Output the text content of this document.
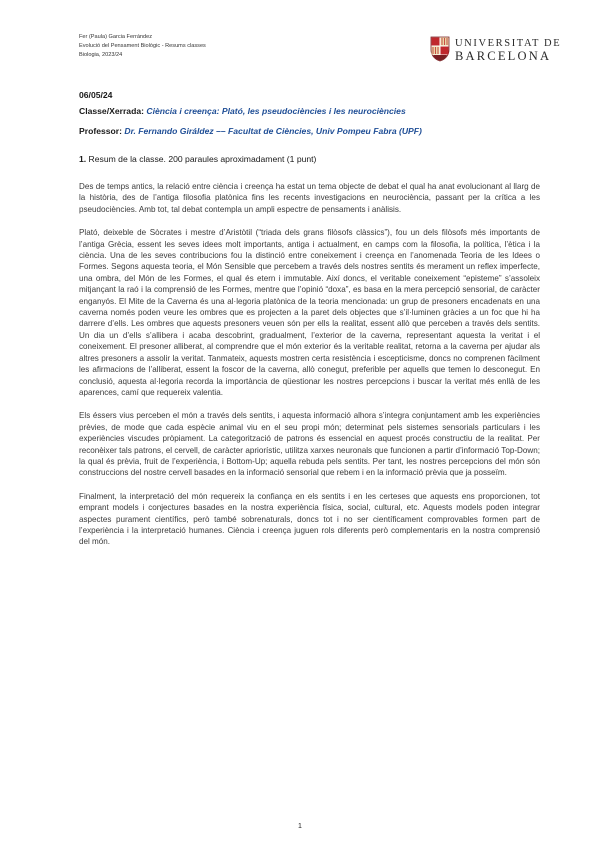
Fer (Paula) Garcia Ferrández
Evolució del Pensament Biològic - Resums classes
Biologia, 2023/24
UNIVERSITAT DE
BARCELONA
06/05/24
Classe/Xerrada: Ciència i creença: Plató, les pseudociències i les neurociències
Professor: Dr. Fernando Giráldez –– Facultat de Ciències, Univ Pompeu Fabra (UPF)
1. Resum de la classe. 200 paraules aproximadament (1 punt)

Des de temps antics, la relació entre ciència i creença ha estat un tema objecte de debat el qual ha anat evolucionant al llarg de la història, des de l’antiga filosofia platònica fins les recents investigacions en neurociència, passant per la crítica a les pseudociències. Amb tot, tal debat contempla un ampli espectre de pensaments i anàlisis.

Plató, deixeble de Sòcrates i mestre d’Aristòtil (“triada dels grans filòsofs clàssics”), fou un dels filòsofs més importants de l’antiga Grècia, essent les seves idees molt importants, antiga i actualment, en camps com la filosofia, la política, l’ètica i la ciència. Una de les seves contribucions fou la distinció entre coneixement i creença en l’anomenada Teoria de les Idees o Formes. Segons aquesta teoria, el Món Sensible que percebem a través dels nostres sentits és merament un reflex imperfecte, una ombra, del Món de les Formes, el qual és etern i immutable. Així doncs, el veritable coneixement “episteme” s’assoleix mitjançant la raó i la comprensió de les Formes, mentre que l’opinió “doxa”, es basa en la mera percepció sensorial, de caràcter enganyós. El Mite de la Caverna és una al·legoria platònica de la teoria mencionada: un grup de presoners encadenats en una caverna només poden veure les ombres que es projecten a la paret dels objectes que s’il·luminen gràcies a un foc que hi ha darrere d’ells. Les ombres que aquests presoners veuen són per ells la realitat, essent allò que perceben a través dels sentits. Un dia un d’ells s’allibera i acaba descobrint, gradualment, l’exterior de la caverna, representant aquesta la veritat i el coneixement. El presoner alliberat, al comprendre que el món exterior és la veritable realitat, retorna a la caverna per ajudar als altres presoners a assolir la veritat. Tanmateix, aquests mostren certa resistència i escepticisme, doncs no comprenen fàcilment les afirmacions de l’alliberat, essent la foscor de la caverna, allò conegut, preferible per aquells que temen lo desconegut. En conclusió, aquesta al·legoria recorda la importància de qüestionar les nostres percepcions i buscar la veritat més enllà de les aparences, camí que requereix valentia.

Els éssers vius perceben el món a través dels sentits, i aquesta informació alhora s’integra conjuntament amb les experiències prèvies, de mode que cada espècie animal viu en el seu propi món; determinat pels sistemes sensorials particulars i les experiències viscudes pròpiament. La categorització de patrons és essencial en aquest procés constructiu de la realitat. Per reconèixer tals patrons, el cervell, de caràcter apriorístic, utilitza xarxes neuronals que funcionen a partir d’informació Top-Down; la qual és prèvia, fruit de l’experiència, i Bottom-Up; aquella rebuda pels sentits. Per tant, les nostres percepcions del món són construccions del nostre cervell basades en la informació sensorial que rebem i en la informació prèvia que ja posseïm.

Finalment, la interpretació del món requereix la confiança en els sentits i en les certeses que aquests ens proporcionen, tot emprant models i conjectures basades en la nostra experiència física, social, cultural, etc. Aquests models poden integrar aspectes purament científics, però també sobrenaturals, doncs tot i no ser científicament comprovables formen part de l’experiència i la interpretació humanes. Ciència i creença juguen rols diferents però complementaris en la nostra comprensió del món.

1
